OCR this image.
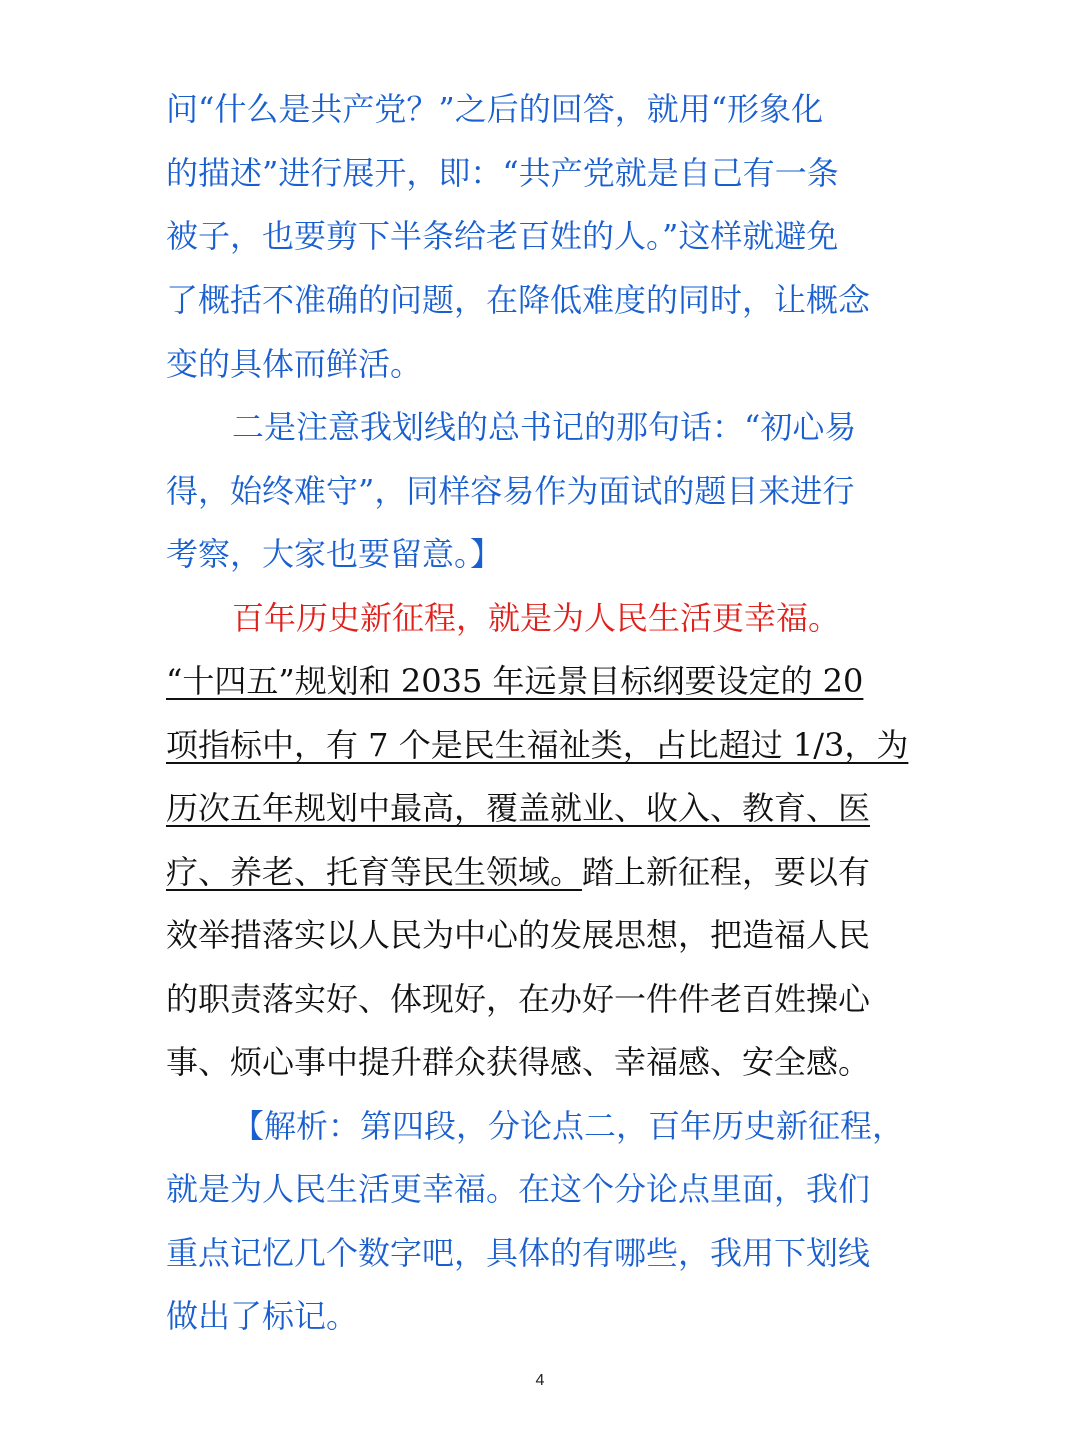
问“什么是共产党？”之后的回答，就用“形象化
的描述”进行展开，即：“共产党就是自己有一条
被子，也要剪下半条给老百姓的人。”这样就避免
了概括不准确的问题，在降低难度的同时，让概念
变的具体而鲜活。
二是注意我划线的总书记的那句话：“初心易
得，始终难守”，同样容易作为面试的题目来进行
考察，大家也要留意。】
百年历史新征程，就是为人民生活更幸福。
“十四五”规划和 2035 年远景目标纲要设定的 20
项指标中，有 7 个是民生福祉类，占比超过 1/3，为
历次五年规划中最高，覆盖就业、收入、教育、医
疗、养老、托育等民生领域。踏上新征程，要以有
效举措落实以人民为中心的发展思想，把造福人民
的职责落实好、体现好，在办好一件件老百姓操心
事、烦心事中提升群众获得感、幸福感、安全感。
【解析：第四段，分论点二，百年历史新征程，
就是为人民生活更幸福。在这个分论点里面，我们
重点记忆几个数字吧，具体的有哪些，我用下划线
做出了标记。
4
